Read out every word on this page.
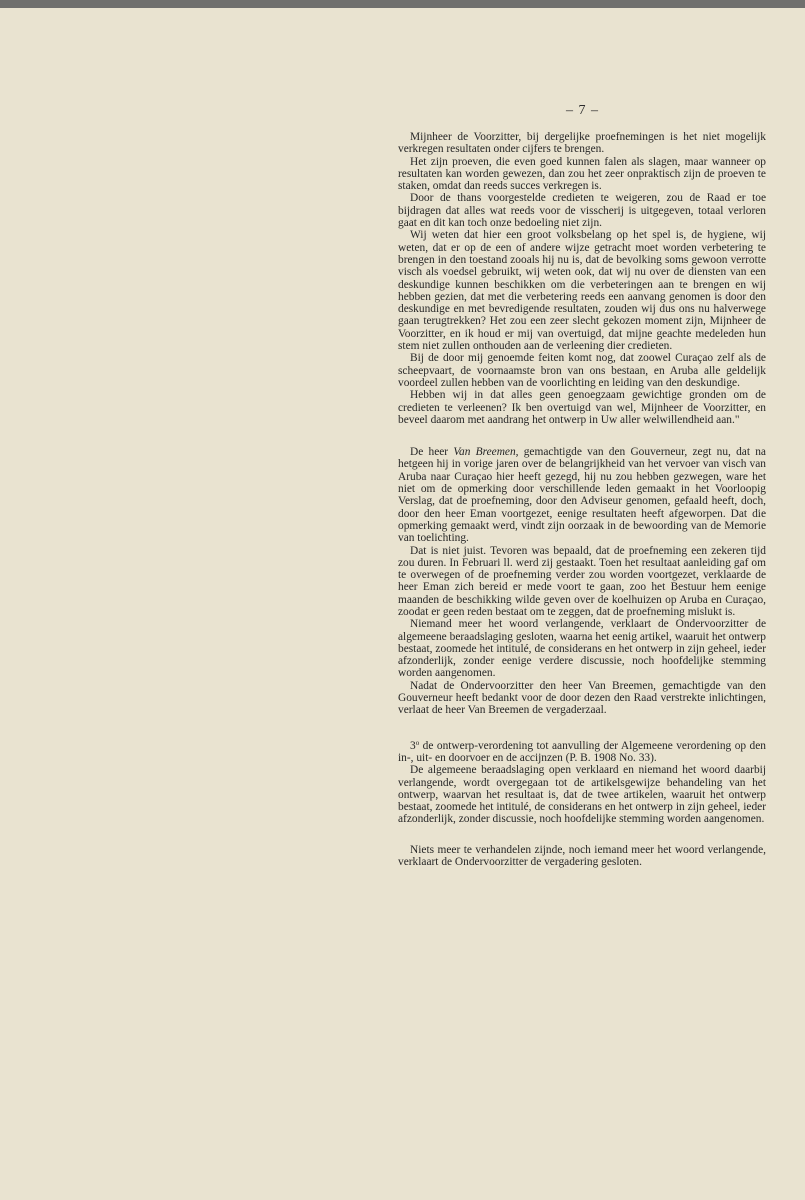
– 7 –

Mijnheer de Voorzitter, bij dergelijke proefnemingen is het niet mogelijk verkregen resultaten onder cijfers te brengen.

Het zijn proeven, die even goed kunnen falen als slagen, maar wanneer op resultaten kan worden gewezen, dan zou het zeer onpraktisch zijn de proeven te staken, omdat dan reeds succes verkregen is.

Door de thans voorgestelde credieten te weigeren, zou de Raad er toe bijdragen dat alles wat reeds voor de visscherij is uitgegeven, totaal verloren gaat en dit kan toch onze bedoeling niet zijn.

Wij weten dat hier een groot volksbelang op het spel is, de hygiene, wij weten, dat er op de een of andere wijze getracht moet worden verbetering te brengen in den toestand zooals hij nu is, dat de bevolking soms gewoon verrotte visch als voedsel gebruikt, wij weten ook, dat wij nu over de diensten van een deskundige kunnen beschikken om die verbeteringen aan te brengen en wij hebben gezien, dat met die verbetering reeds een aanvang genomen is door den deskundige en met bevredigende resultaten, zouden wij dus ons nu halverwege gaan terugtrekken? Het zou een zeer slecht gekozen moment zijn, Mijnheer de Voorzitter, en ik houd er mij van overtuigd, dat mijne geachte medeleden hun stem niet zullen onthouden aan de verleening dier credieten.

Bij de door mij genoemde feiten komt nog, dat zoowel Curaçao zelf als de scheepvaart, de voornaamste bron van ons bestaan, en Aruba alle geldelijk voordeel zullen hebben van de voorlichting en leiding van den deskundige.

Hebben wij in dat alles geen genoegzaam gewichtige gronden om de credieten te verleenen? Ik ben overtuigd van wel, Mijnheer de Voorzitter, en beveel daarom met aandrang het ontwerp in Uw aller welwillendheid aan."

De heer Van Breemen, gemachtigde van den Gouverneur, zegt nu, dat na hetgeen hij in vorige jaren over de belangrijkheid van het vervoer van visch van Aruba naar Curaçao hier heeft gezegd, hij nu zou hebben gezwegen, ware het niet om de opmerking door verschillende leden gemaakt in het Voorloopig Verslag, dat de proefneming, door den Adviseur genomen, gefaald heeft, doch, door den heer Eman voortgezet, eenige resultaten heeft afgeworpen. Dat die opmerking gemaakt werd, vindt zijn oorzaak in de bewoording van de Memorie van toelichting.

Dat is niet juist. Tevoren was bepaald, dat de proefneming een zekeren tijd zou duren. In Februari ll. werd zij gestaakt. Toen het resultaat aanleiding gaf om te overwegen of de proefneming verder zou worden voortgezet, verklaarde de heer Eman zich bereid er mede voort te gaan, zoo het Bestuur hem eenige maanden de beschikking wilde geven over de koelhuizen op Aruba en Curaçao, zoodat er geen reden bestaat om te zeggen, dat de proefneming mislukt is.

Niemand meer het woord verlangende, verklaart de Ondervoorzitter de algemeene beraadslaging gesloten, waarna het eenig artikel, waaruit het ontwerp bestaat, zoomede het intitulé, de considerans en het ontwerp in zijn geheel, ieder afzonderlijk, zonder eenige verdere discussie, noch hoofdelijke stemming worden aangenomen.

Nadat de Ondervoorzitter den heer Van Breemen, gemachtigde van den Gouverneur heeft bedankt voor de door dezen den Raad verstrekte inlichtingen, verlaat de heer Van Breemen de vergaderzaal.

3$^o$ de ontwerp-verordening tot aanvulling der Algemeene verordening op den in-, uit- en doorvoer en de accijnzen (P. B. 1908 No. 33).

De algemeene beraadslaging open verklaard en niemand het woord daarbij verlangende, wordt overgegaan tot de artikelsgewijze behandeling van het ontwerp, waarvan het resultaat is, dat de twee artikelen, waaruit het ontwerp bestaat, zoomede het intitulé, de considerans en het ontwerp in zijn geheel, ieder afzonderlijk, zonder discussie, noch hoofdelijke stemming worden aangenomen.

Niets meer te verhandelen zijnde, noch iemand meer het woord verlangende, verklaart de Ondervoorzitter de vergadering gesloten.
